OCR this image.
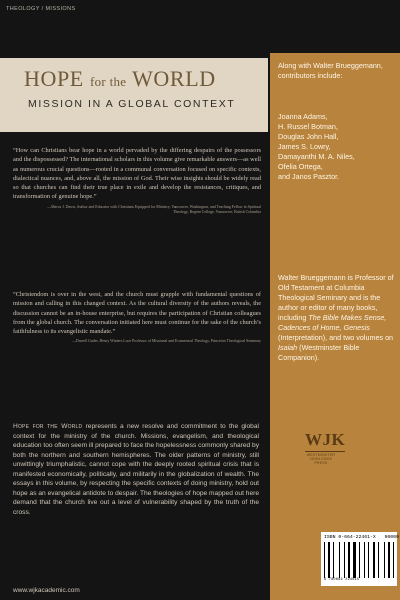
THEOLOGY / MISSIONS
HOPE for the WORLD
MISSION IN A GLOBAL CONTEXT

“How can Christians bear hope in a world pervaded by the differing despairs of the possessors and the dispossessed? The international scholars in this volume give remarkable answers—as well as numerous crucial questions—rooted in a communal conversation focused on specific contexts, dialectical nuances, and, above all, the mission of God. Their wise insights should be widely read so that churches can find their true place in exile and develop the resistances, critiques, and transformation of genuine hope.”

—Marva J. Dawn, Author and Educator with Christians Equipped for Ministry, Vancouver, Washington, and Teaching Fellow in Spiritual Theology, Regent College, Vancouver, British Columbia

“Christendom is over in the west, and the church must grapple with fundamental questions of mission and calling in this changed context. As the cultural diversity of the authors reveals, the discussion cannot be an in-house enterprise, but requires the participation of Christian colleagues from the global church. The conversation initiated here must continue for the sake of the church’s faithfulness to its evangelistic mandate.”

—Darrell Guder, Henry Winters Luce Professor of Missional and Ecumenical Theology, Princeton Theological Seminary

Hope for the World represents a new resolve and commitment to the global context for the ministry of the church. Missions, evangelism, and theological education too often seem ill prepared to face the hopelessness commonly shared by both the northern and southern hemispheres. The older patterns of ministry, still unwittingly triumphalistic, cannot cope with the deeply rooted spiritual crisis that is manifested economically, politically, and militarily in the globalization of wealth. The essays in this volume, by respecting the specific contexts of doing ministry, hold out hope as an evangelical antidote to despair. The theologies of hope mapped out here demand that the church live out a level of vulnerability shaped by the truth of the cross.

www.wjkacademic.com

Along with Walter Brueggemann, contributors include:

Joanna Adams,
H. Russel Botman,
Douglas John Hall,
James S. Lowry,
Damayanthi M. A. Niles,
Ofelia Ortega,
and Janos Pasztor.

Walter Brueggemann is Professor of Old Testament at Columbia Theological Seminary and is the author or editor of many books, including The Bible Makes Sense, Cadences of Home, Genesis (Interpretation), and two volumes on Isaiah (Westminster Bible Companion).

WJK
WESTMINSTER JOHN KNOX PRESS
ISBN 0-664-22461-X 90000
9 780664 224615
